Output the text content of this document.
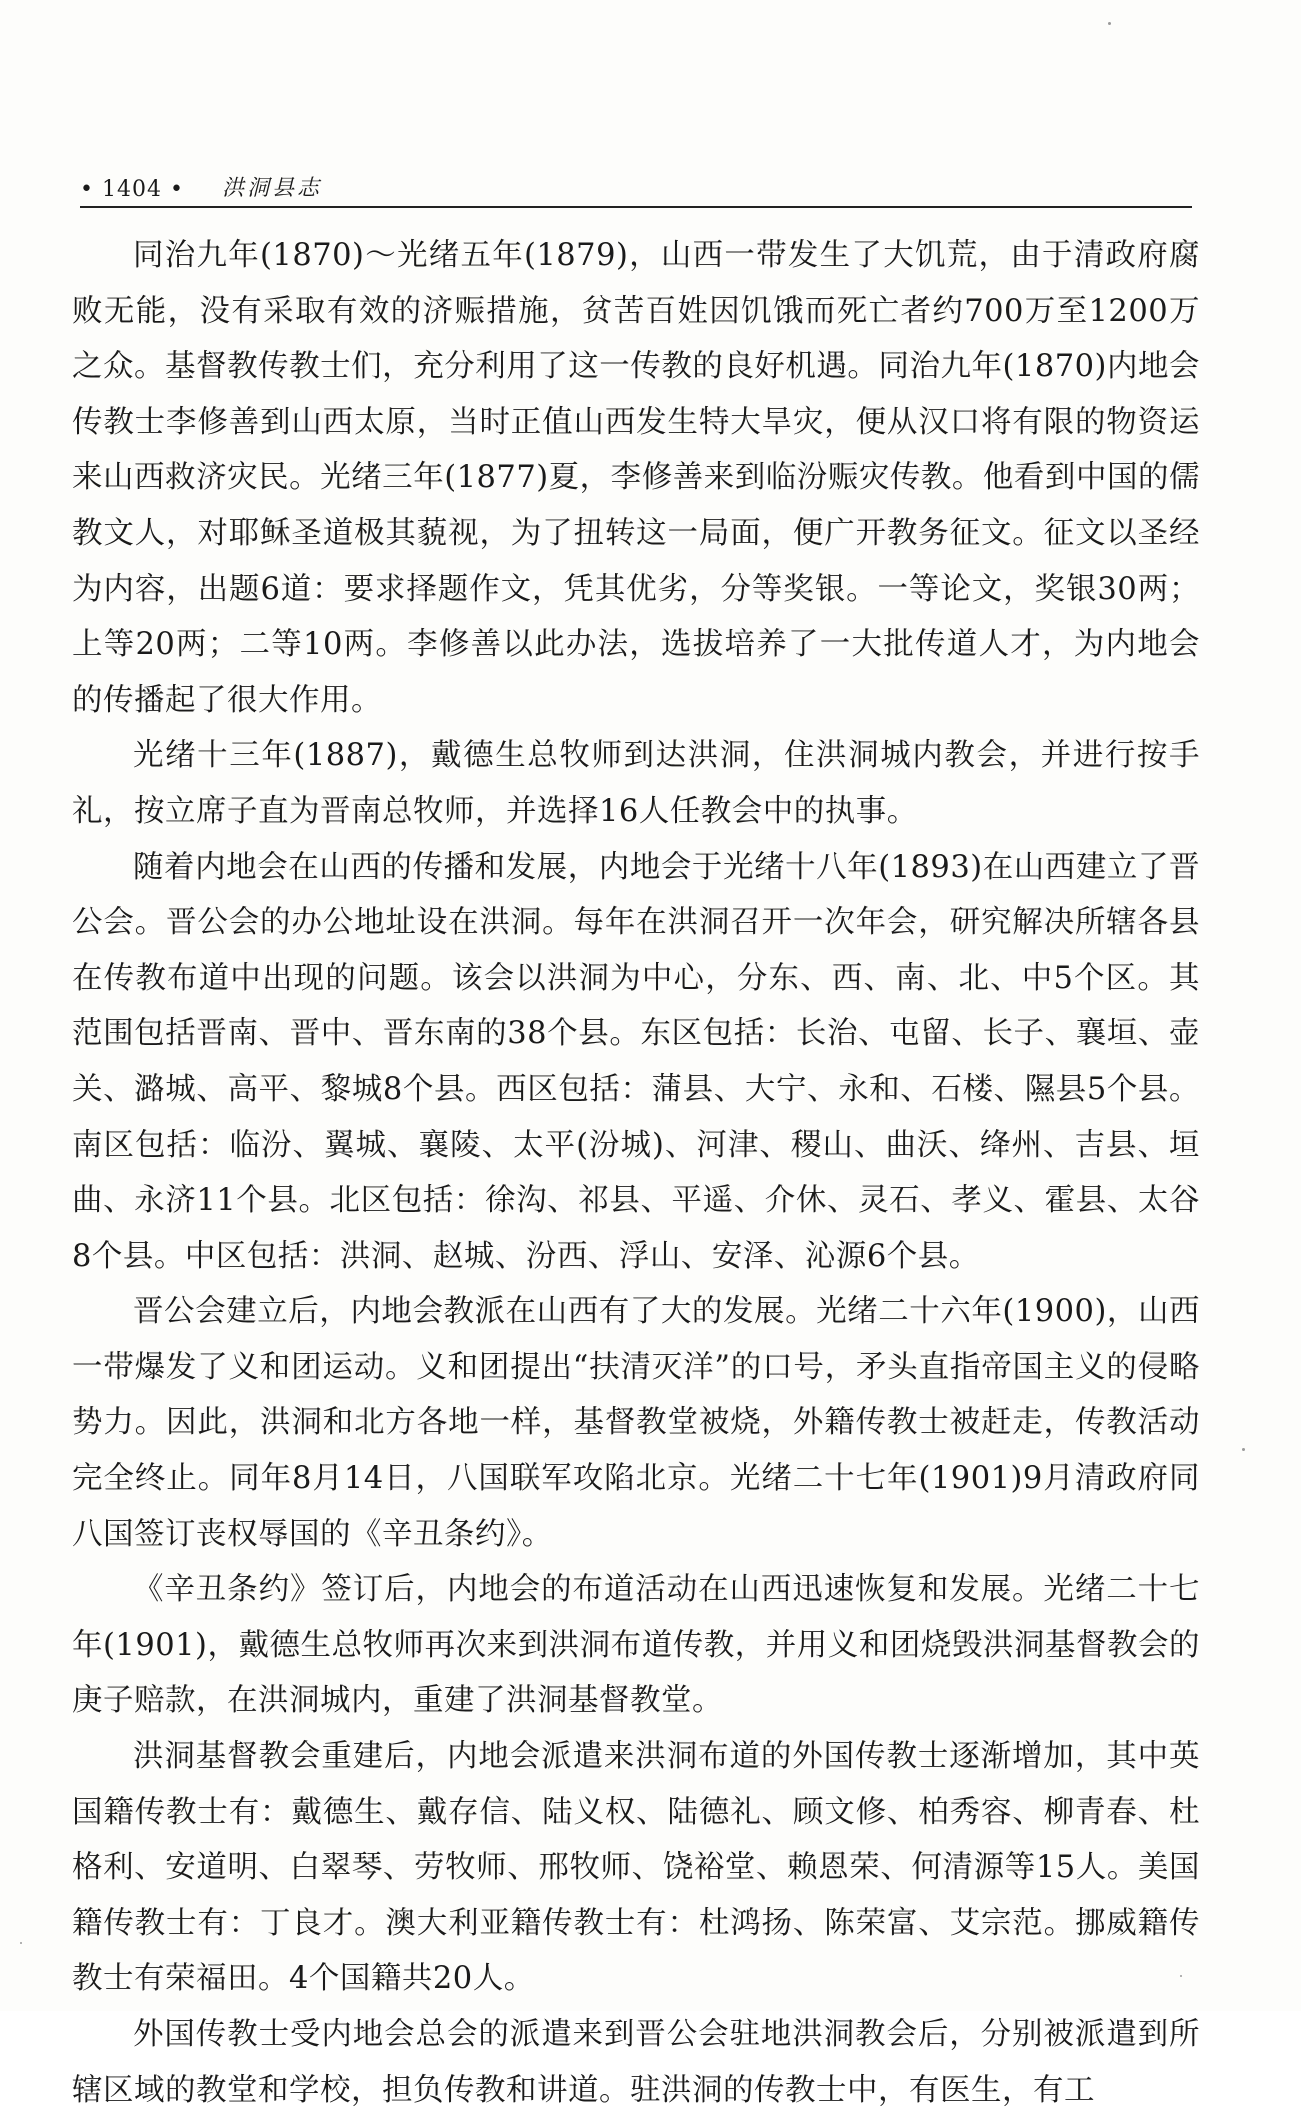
• 1404 • 洪洞县志

同治九年(1870)～光绪五年(1879)，山西一带发生了大饥荒，由于清政府腐败无能，没有采取有效的济赈措施，贫苦百姓因饥饿而死亡者约700万至1200万之众。基督教传教士们，充分利用了这一传教的良好机遇。同治九年(1870)内地会传教士李修善到山西太原，当时正值山西发生特大旱灾，便从汉口将有限的物资运来山西救济灾民。光绪三年(1877)夏，李修善来到临汾赈灾传教。他看到中国的儒教文人，对耶稣圣道极其藐视，为了扭转这一局面，便广开教务征文。征文以圣经为内容，出题6道：要求择题作文，凭其优劣，分等奖银。一等论文，奖银30两；上等20两；二等10两。李修善以此办法，选拔培养了一大批传道人才，为内地会的传播起了很大作用。

光绪十三年(1887)，戴德生总牧师到达洪洞，住洪洞城内教会，并进行按手礼，按立席子直为晋南总牧师，并选择16人任教会中的执事。

随着内地会在山西的传播和发展，内地会于光绪十八年(1893)在山西建立了晋公会。晋公会的办公地址设在洪洞。每年在洪洞召开一次年会，研究解决所辖各县在传教布道中出现的问题。该会以洪洞为中心，分东、西、南、北、中5个区。其范围包括晋南、晋中、晋东南的38个县。东区包括：长治、屯留、长子、襄垣、壶关、潞城、高平、黎城8个县。西区包括：蒲县、大宁、永和、石楼、隰县5个县。南区包括：临汾、翼城、襄陵、太平(汾城)、河津、稷山、曲沃、绛州、吉县、垣曲、永济11个县。北区包括：徐沟、祁县、平遥、介休、灵石、孝义、霍县、太谷8个县。中区包括：洪洞、赵城、汾西、浮山、安泽、沁源6个县。

晋公会建立后，内地会教派在山西有了大的发展。光绪二十六年(1900)，山西一带爆发了义和团运动。义和团提出“扶清灭洋”的口号，矛头直指帝国主义的侵略势力。因此，洪洞和北方各地一样，基督教堂被烧，外籍传教士被赶走，传教活动完全终止。同年8月14日，八国联军攻陷北京。光绪二十七年(1901)9月清政府同八国签订丧权辱国的《辛丑条约》。

《辛丑条约》签订后，内地会的布道活动在山西迅速恢复和发展。光绪二十七年(1901)，戴德生总牧师再次来到洪洞布道传教，并用义和团烧毁洪洞基督教会的庚子赔款，在洪洞城内，重建了洪洞基督教堂。

洪洞基督教会重建后，内地会派遣来洪洞布道的外国传教士逐渐增加，其中英国籍传教士有：戴德生、戴存信、陆义权、陆德礼、顾文修、柏秀容、柳青春、杜格利、安道明、白翠琴、劳牧师、邢牧师、饶裕堂、赖恩荣、何清源等15人。美国籍传教士有：丁良才。澳大利亚籍传教士有：杜鸿扬、陈荣富、艾宗范。挪威籍传教士有荣福田。4个国籍共20人。

外国传教士受内地会总会的派遣来到晋公会驻地洪洞教会后，分别被派遣到所辖区域的教堂和学校，担负传教和讲道。驻洪洞的传教士中，有医生，有工
